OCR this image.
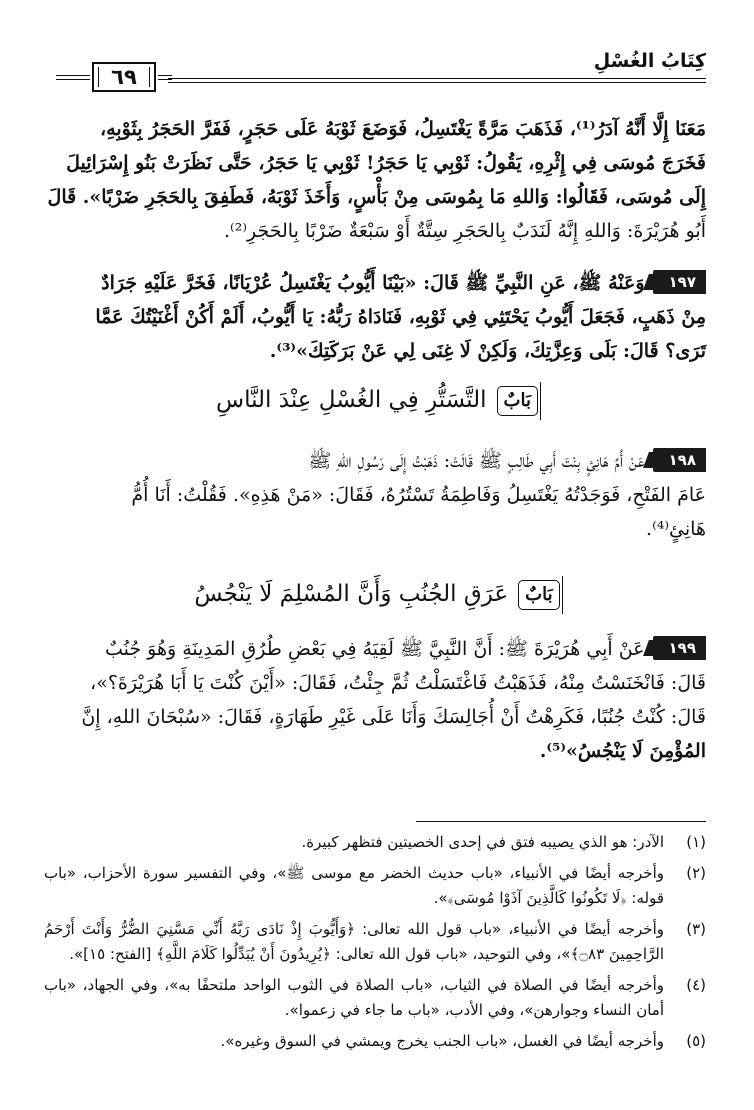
كِتَابُ الغُسْلِ
٦٩
مَعَنَا إِلَّا أَنَّهُ آدَرُ⁽¹⁾، فَذَهَبَ مَرَّةً يَغْتَسِلُ، فَوَضَعَ ثَوْبَهُ عَلَى حَجَرٍ، فَفَرَّ الحَجَرُ بِثَوْبِهِ،
فَخَرَجَ مُوسَى فِي إِثْرِهِ، يَقُولُ: ثَوْبِي يَا حَجَرُ! ثَوْبِي يَا حَجَرُ، حَتَّى نَظَرَتْ بَنُو إِسْرَائِيلَ
إِلَى مُوسَى، فَقَالُوا: وَاللهِ مَا بِمُوسَى مِنْ بَأْسٍ، وَأَخَذَ ثَوْبَهُ، فَطَفِقَ بِالحَجَرِ ضَرْبًا». قَالَ
أَبُو هُرَيْرَةَ: وَاللهِ إِنَّهُ لَنَدَبٌ بِالحَجَرِ سِتَّةٌ أَوْ سَبْعَةٌ ضَرْبًا بِالحَجَرِ⁽²⁾.
١٩٧وَعَنْهُ ﷺ، عَنِ النَّبِيِّ ﷺ قَالَ: «بَيْنَا أَيُّوبُ يَغْتَسِلُ عُرْيَانًا، فَخَرَّ عَلَيْهِ جَرَادٌ
مِنْ ذَهَبٍ، فَجَعَلَ أَيُّوبُ يَحْتَثِي فِي ثَوْبِهِ، فَنَادَاهُ رَبُّهُ: يَا أَيُّوبُ، أَلَمْ أَكُنْ أَغْنَيْتُكَ عَمَّا
تَرَى؟ قَالَ: بَلَى وَعِزَّتِكَ، وَلَكِنْ لَا غِنَى لِي عَنْ بَرَكَتِكَ»⁽³⁾.
بَابٌالتَّسَتُّرِ فِي الغُسْلِ عِنْدَ النَّاسِ
١٩٨عَنْ أُمِّ هَانِئٍ بِنْتَ أَبِي طَالِبٍ ﷺ قَالَتْ: ذَهَبْتُ إِلَى رَسُولِ اللهِ ﷺ
عَامَ الفَتْحِ، فَوَجَدْتُهُ يَغْتَسِلُ وَفَاطِمَةُ تَسْتُرُهُ، فَقَالَ: «مَنْ هَذِهِ». فَقُلْتُ: أَنَا أُمُّ
هَانِئٍ⁽⁴⁾.
بَابٌعَرَقِ الجُنُبِ وَأَنَّ المُسْلِمَ لَا يَنْجُسُ
١٩٩عَنْ أَبِي هُرَيْرَةَ ﷺ: أَنَّ النَّبِيَّ ﷺ لَقِيَهُ فِي بَعْضِ طُرُقِ المَدِينَةِ وَهُوَ جُنُبٌ
قَالَ: فَانْخَنَسْتُ مِنْهُ، فَذَهَبْتُ فَاغْتَسَلْتُ ثُمَّ جِئْتُ، فَقَالَ: «أَيْنَ كُنْتَ يَا أَبَا هُرَيْرَةَ؟»،
قَالَ: كُنْتُ جُنُبًا، فَكَرِهْتُ أَنْ أُجَالِسَكَ وَأَنَا عَلَى غَيْرِ طَهَارَةٍ، فَقَالَ: «سُبْحَانَ اللهِ، إِنَّ
المُؤْمِنَ لَا يَنْجُسُ»⁽⁵⁾.
(١)
الآدر: هو الذي يصيبه فتق في إحدى الخصيتين فتظهر كبيرة.
(٢)
وأخرجه أيضًا في الأنبياء، «باب حديث الخضر مع موسى ﷺ»، وفي التفسير سورة الأحزاب، «باب قوله: ﴿لَا تَكُونُوا كَالَّذِينَ آذَوْا مُوسَى﴾».
(٣)
وأخرجه أيضًا في الأنبياء، «باب قول الله تعالى: ﴿وَأَيُّوبَ إِذْ نَادَى رَبَّهُ أَنِّي مَسَّنِيَ الضُّرُّ وَأَنْتَ أَرْحَمُ الرَّاحِمِينَ ۝٨٣﴾»، وفي التوحيد، «باب قول الله تعالى: ﴿يُرِيدُونَ أَنْ يُبَدِّلُوا كَلَامَ اللَّهِ﴾ [الفتح: ١٥]».
(٤)
وأخرجه أيضًا في الصلاة في الثياب، «باب الصلاة في الثوب الواحد ملتحفًا به»، وفي الجهاد، «باب أمان النساء وجوارهن»، وفي الأدب، «باب ما جاء في زعموا».
(٥)
وأخرجه أيضًا في الغسل، «باب الجنب يخرج ويمشي في السوق وغيره».
